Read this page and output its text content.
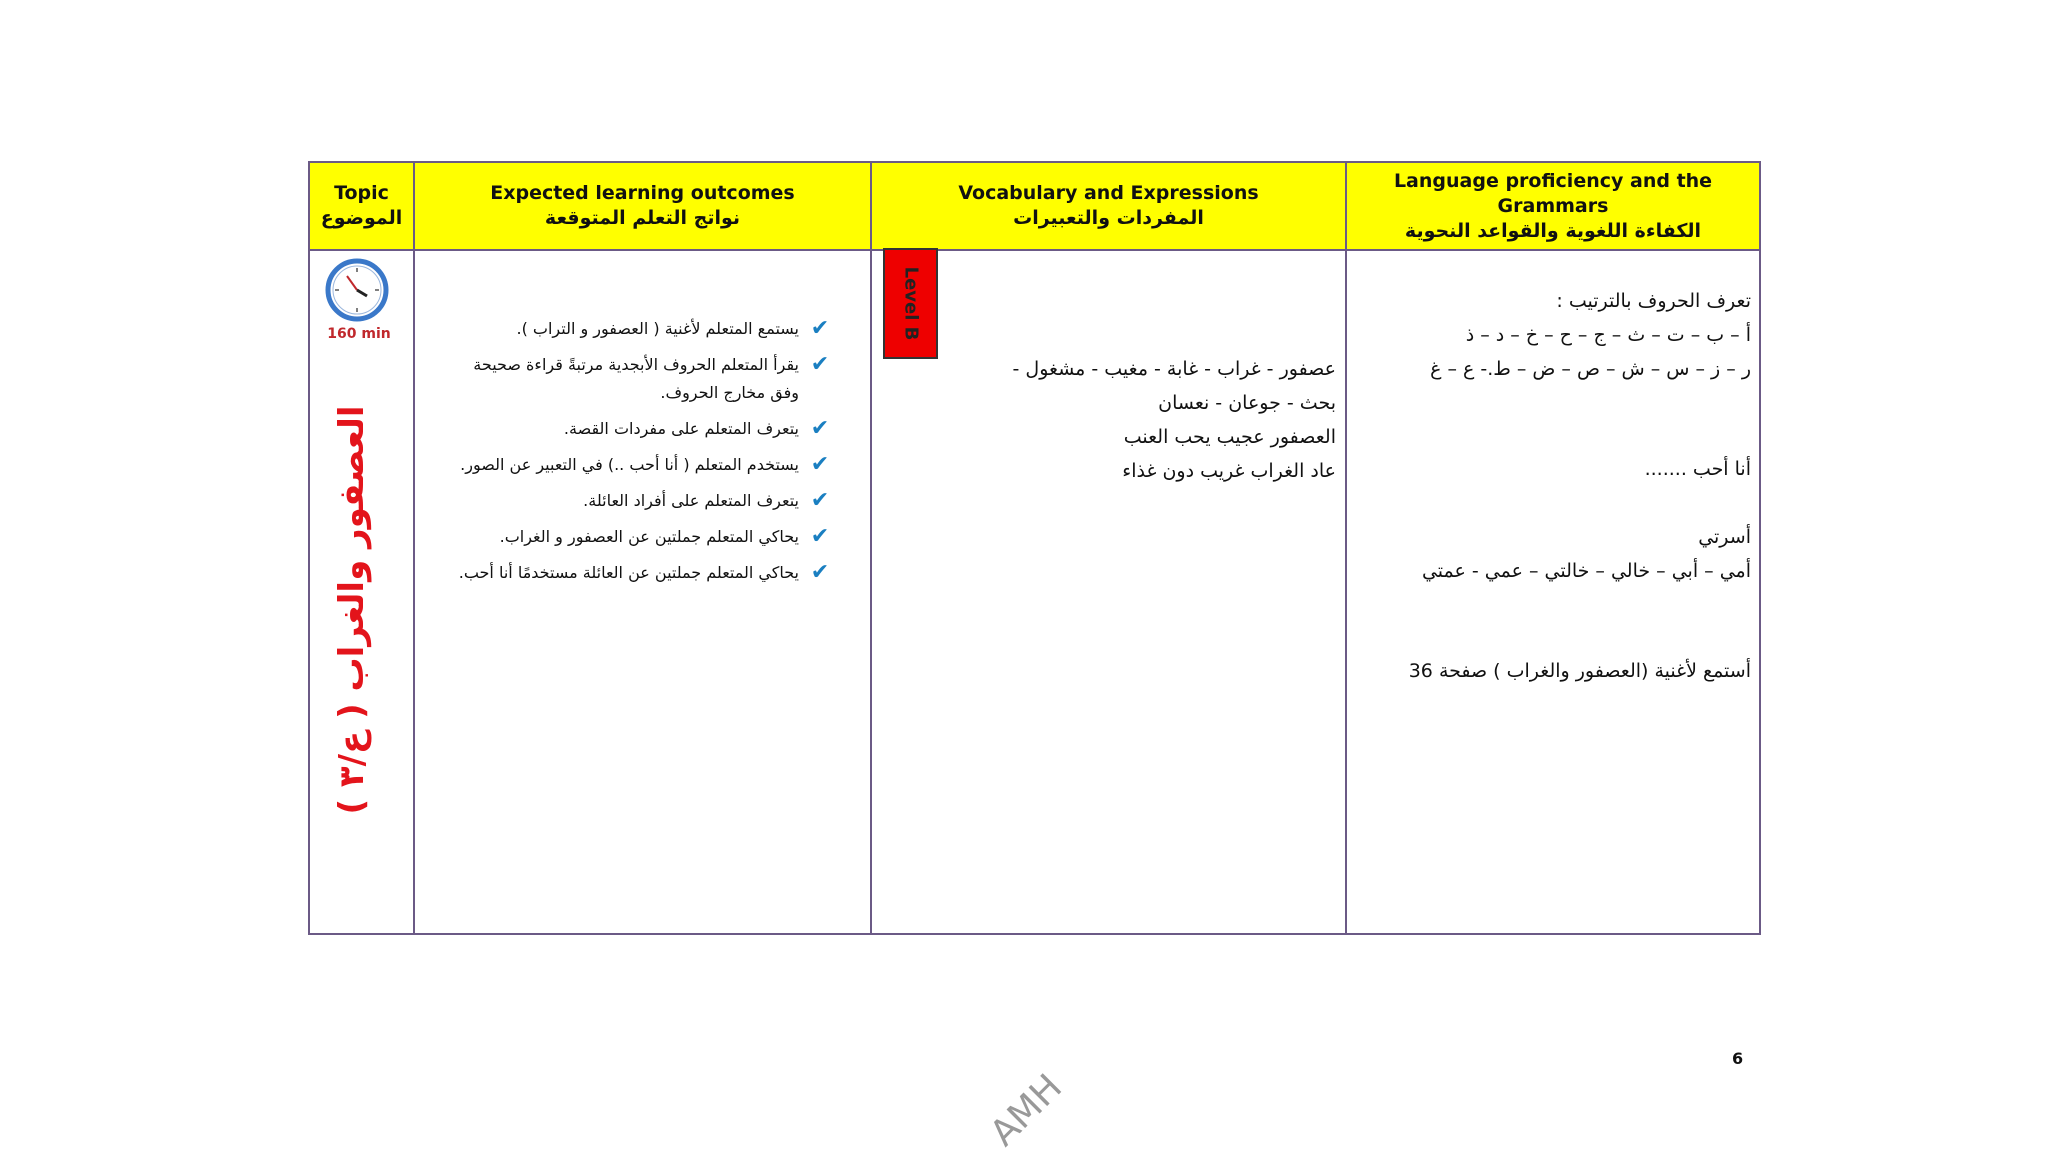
Topic
الموضوع
Expected learning outcomes
نواتج التعلم المتوقعة
Vocabulary and Expressions
المفردات والتعبيرات
Language proficiency and the
Grammars
الكفاءة اللغوية والقواعد النحوية
160 min
العصفور والغراب ( ع/٣ )
Level B
✔
يستمع المتعلم لأغنية ( العصفور و التراب ).
✔
يقرأ المتعلم الحروف الأبجدية مرتبةً قراءة صحيحة
وفق مخارج الحروف.
✔
يتعرف المتعلم على مفردات القصة.
✔
يستخدم المتعلم ( أنا أحب ..) في التعبير عن الصور.
✔
يتعرف المتعلم على أفراد العائلة.
✔
يحاكي المتعلم جملتين عن العصفور و الغراب.
✔
يحاكي المتعلم جملتين عن العائلة مستخدمًا أنا أحب.
عصفور - غراب - غابة - مغيب - مشغول -
بحث - جوعان - نعسان
العصفور عجيب يحب العنب
عاد الغراب غريب دون غذاء
تعرف الحروف بالترتيب :
أ – ب – ت – ث – ج – ح – خ – د – ذ
ر – ز – س – ش – ص – ض – ط.- ع – غ
أنا أحب .......
أسرتي
أمي – أبي – خالي – خالتي – عمي - عمتي
أستمع لأغنية (العصفور والغراب ) صفحة 36
6
AMH
